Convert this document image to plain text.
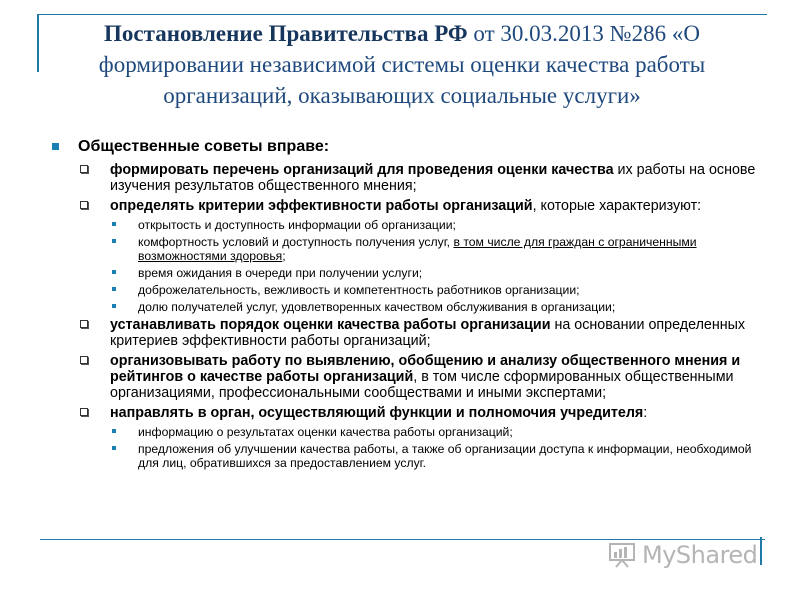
Постановление Правительства РФ от 30.03.2013 №286 «О формировании независимой системы оценки качества работы организаций, оказывающих социальные услуги»
Общественные советы вправе:
формировать перечень организаций для проведения оценки качества их работы на основе изучения результатов общественного мнения;
определять критерии эффективности работы организаций, которые характеризуют:
открытость и доступность информации об организации;
комфортность условий и доступность получения услуг, в том числе для граждан с ограниченными возможностями здоровья;
время ожидания в очереди при получении услуги;
доброжелательность, вежливость и компетентность работников организации;
долю получателей услуг, удовлетворенных качеством обслуживания в организации;
устанавливать порядок оценки качества работы организации на основании определенных критериев эффективности работы организаций;
организовывать работу по выявлению, обобщению и анализу общественного мнения и рейтингов о качестве работы организаций, в том числе сформированных общественными организациями, профессиональными сообществами и иными экспертами;
направлять в орган, осуществляющий функции и полномочия учредителя:
информацию о результатах оценки качества работы организаций;
предложения об улучшении качества работы, а также об организации доступа к информации, необходимой для лиц, обратившихся за предоставлением услуг.
MyShared
